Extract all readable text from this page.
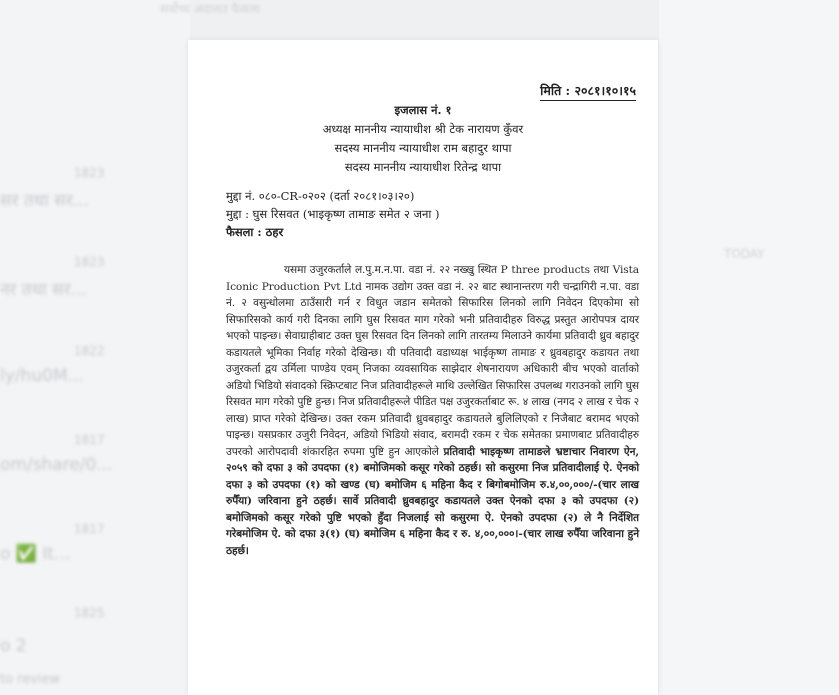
सर्वोच्च अदालत फैसला
TODAY
1823
सर तथा सर...
1823
नर तथा सर...
1822
ly/hu0M...
1817
om/share/0...
1817
o ✅ It...
1825
o 2
to review
मिति : २०८१।१०।१५
इजलास नं. १
अध्यक्ष माननीय न्यायाधीश श्री टेक नारायण कुँवर
सदस्य माननीय न्यायाधीश राम बहादुर थापा
सदस्य माननीय न्यायाधीश रितेन्द्र थापा
मुद्दा नं. ०८०-CR-०२०२ (दर्ता २०८१।०३।२०)
मुद्दा : घुस रिसवत (भाइकृष्ण तामाङ समेत २ जना )
फैसला : ठहर
यसमा उजुरकर्ताले ल.पु.म.न.पा. वडा नं. २२ नख्खु स्थित P three products तथा Vista Iconic Production Pvt Ltd नामक उद्योग उक्त वडा नं. २२ बाट स्थानान्तरण गरी चन्द्रागिरी न.पा. वडा नं. २ वसुन्धोलमा ठाउँसारी गर्न र विधुत जडान समेतको सिफारिस लिनको लागि निवेदन दिएकोमा सो सिफारिसको कार्य गरी दिनका लागि घुस रिसवत माग गरेको भनी प्रतिवादीहरु विरुद्ध प्रस्तुत आरोपपत्र दायर भएको पाइन्छ। सेवाग्राहीबाट उक्त घुस रिसवत दिन लिनको लागि तारतम्य मिलाउने कार्यमा प्रतिवादी ध्रुव बहादुर कडायतले भूमिका निर्वाह गरेको देखिन्छ। यी पतिवादी वडाध्यक्ष भाईकृष्ण तामाङ र ध्रुवबहादुर कडायत तथा उजुरकर्ता द्वय उर्मिला पाण्डेय एवम् निजका व्यवसायिक साझेदार शेषनारायण अधिकारी बीच भएको वार्ताको अडियो भिडियो संवादको स्क्रिप्टबाट निज प्रतिवादीहरूले माथि उल्लेखित सिफारिस उपलब्ध गराउनको लागि घुस रिसवत माग गरेको पुष्टि हुन्छ। निज प्रतिवादीहरूले पीडित पक्ष उजुरकर्ताबाट रू. ४ लाख (नगद २ लाख र चेक २ लाख) प्राप्त गरेको देखिन्छ। उक्त रकम प्रतिवादी ध्रुवबहादुर कडायतले बुलिलिएको र निजैबाट बरामद भएको पाइन्छ। यसप्रकार उजुरी निवेदन, अडियो भिडियो संवाद, बरामदी रकम र चेक समेतका प्रमाणबाट प्रतिवादीहरु उपरको आरोपदावी शंकारहित रुपमा पुष्टि हुन आएकोले प्रतिवादी भाइकृष्ण तामाङले भ्रष्टाचार निवारण ऐन, २०५९ को दफा ३ को उपदफा (१) बमोजिमको कसूर गरेको ठहर्छ। सो कसुरमा निज प्रतिवादीलाई ऐ. ऐनको दफा ३ को उपदफा (१) को खण्ड (घ) बमोजिम ६ महिना कैद र बिगोबमोजिम रु.४,००,०००/-(चार लाख रुपैँया) जरिवाना हुने ठहर्छ। सार्वे प्रतिवादी ध्रुवबहादुर कडायतले उक्त ऐनको दफा ३ को उपदफा (२) बमोजिमको कसूर गरेको पुष्टि भएको हुँदा निजलाई सो कसुरमा ऐ. ऐनको उपदफा (२) ले नै निर्देशित गरेबमोजिम ऐ. को दफा ३(१) (घ) बमोजिम ६ महिना कैद र रु. ४,००,०००।-(चार लाख रुपैँया जरिवाना हुने ठहर्छ।
